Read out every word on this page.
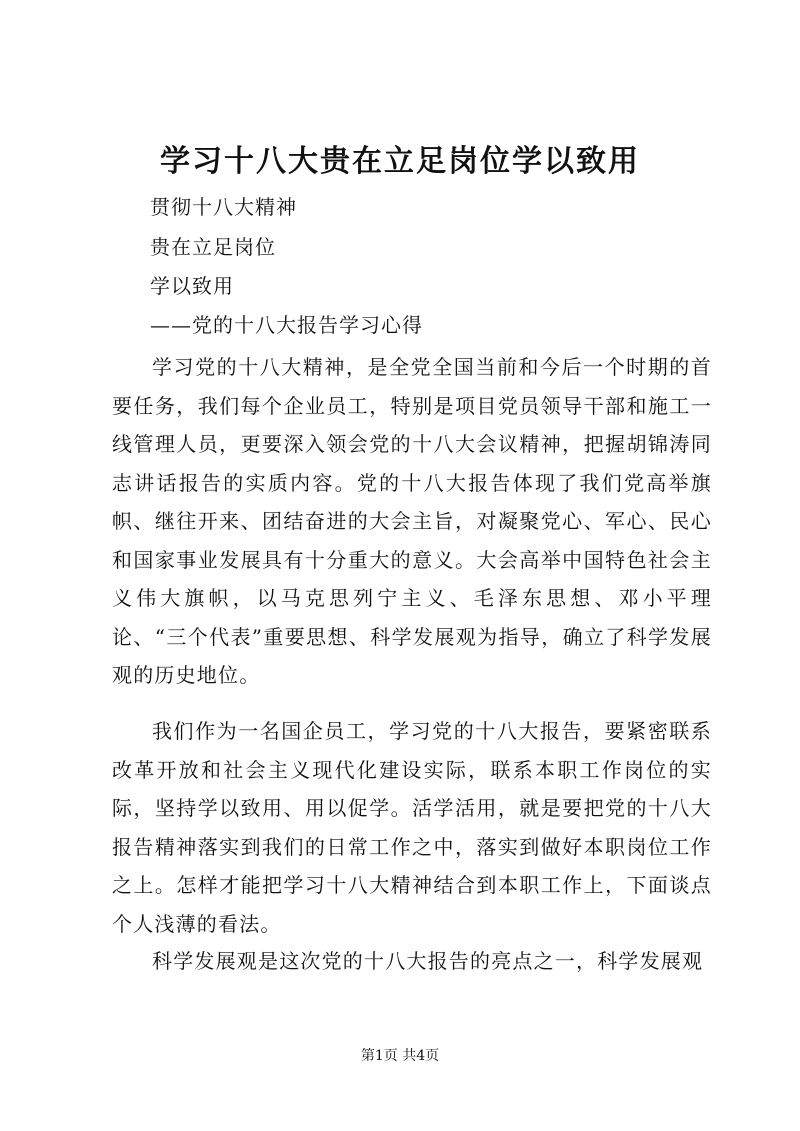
学习十八大贵在立足岗位学以致用
贯彻十八大精神
贵在立足岗位
学以致用
——党的十八大报告学习心得

学习党的十八大精神，是全党全国当前和今后一个时期的首要任务，我们每个企业员工，特别是项目党员领导干部和施工一线管理人员，更要深入领会党的十八大会议精神，把握胡锦涛同志讲话报告的实质内容。党的十八大报告体现了我们党高举旗帜、继往开来、团结奋进的大会主旨，对凝聚党心、军心、民心和国家事业发展具有十分重大的意义。大会高举中国特色社会主义伟大旗帜，以马克思列宁主义、毛泽东思想、邓小平理论、“三个代表”重要思想、科学发展观为指导，确立了科学发展观的历史地位。

我们作为一名国企员工，学习党的十八大报告，要紧密联系改革开放和社会主义现代化建设实际，联系本职工作岗位的实际，坚持学以致用、用以促学。活学活用，就是要把党的十八大报告精神落实到我们的日常工作之中，落实到做好本职岗位工作之上。怎样才能把学习十八大精神结合到本职工作上，下面谈点个人浅薄的看法。

科学发展观是这次党的十八大报告的亮点之一，科学发展观

第1页 共4页
